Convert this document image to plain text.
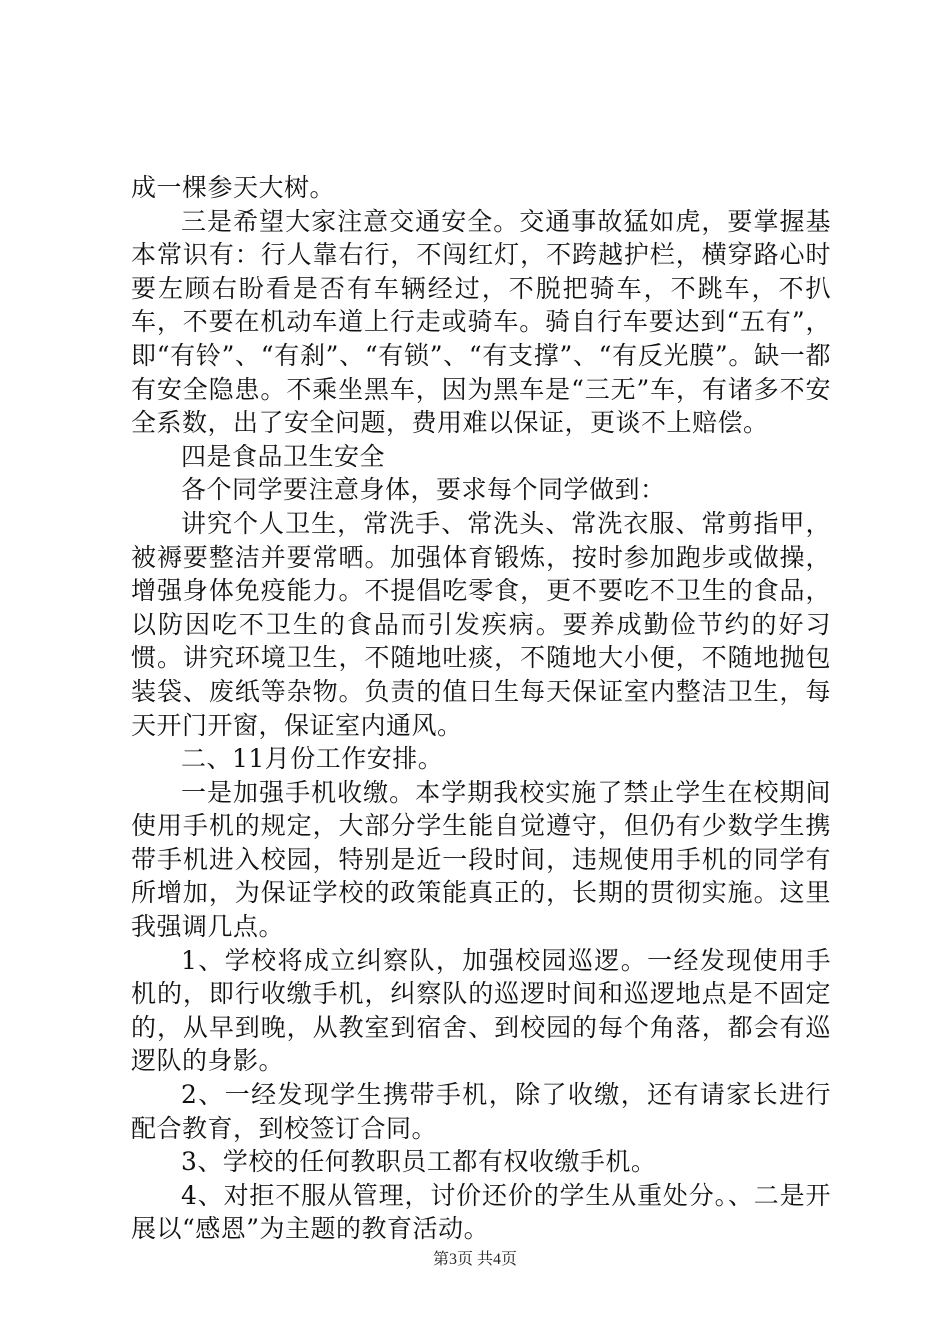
成一棵参天大树。

三是希望大家注意交通安全。交通事故猛如虎，要掌握基本常识有：行人靠右行，不闯红灯，不跨越护栏，横穿路心时要左顾右盼看是否有车辆经过，不脱把骑车，不跳车，不扒车，不要在机动车道上行走或骑车。骑自行车要达到“五有”，即“有铃”、“有刹”、“有锁”、“有支撑”、“有反光膜”。缺一都有安全隐患。不乘坐黑车，因为黑车是“三无”车，有诸多不安全系数，出了安全问题，费用难以保证，更谈不上赔偿。

四是食品卫生安全

各个同学要注意身体，要求每个同学做到：

讲究个人卫生，常洗手、常洗头、常洗衣服、常剪指甲，被褥要整洁并要常晒。加强体育锻炼，按时参加跑步或做操，增强身体免疫能力。不提倡吃零食，更不要吃不卫生的食品，以防因吃不卫生的食品而引发疾病。要养成勤俭节约的好习惯。讲究环境卫生，不随地吐痰，不随地大小便，不随地抛包装袋、废纸等杂物。负责的值日生每天保证室内整洁卫生，每天开门开窗，保证室内通风。

二、11月份工作安排。

一是加强手机收缴。本学期我校实施了禁止学生在校期间使用手机的规定，大部分学生能自觉遵守，但仍有少数学生携带手机进入校园，特别是近一段时间，违规使用手机的同学有所增加，为保证学校的政策能真正的，长期的贯彻实施。这里我强调几点。

1、学校将成立纠察队，加强校园巡逻。一经发现使用手机的，即行收缴手机，纠察队的巡逻时间和巡逻地点是不固定的，从早到晚，从教室到宿舍、到校园的每个角落，都会有巡逻队的身影。

2、一经发现学生携带手机，除了收缴，还有请家长进行配合教育，到校签订合同。

3、学校的任何教职员工都有权收缴手机。

4、对拒不服从管理，讨价还价的学生从重处分。、二是开展以“感恩”为主题的教育活动。

第3页 共4页
